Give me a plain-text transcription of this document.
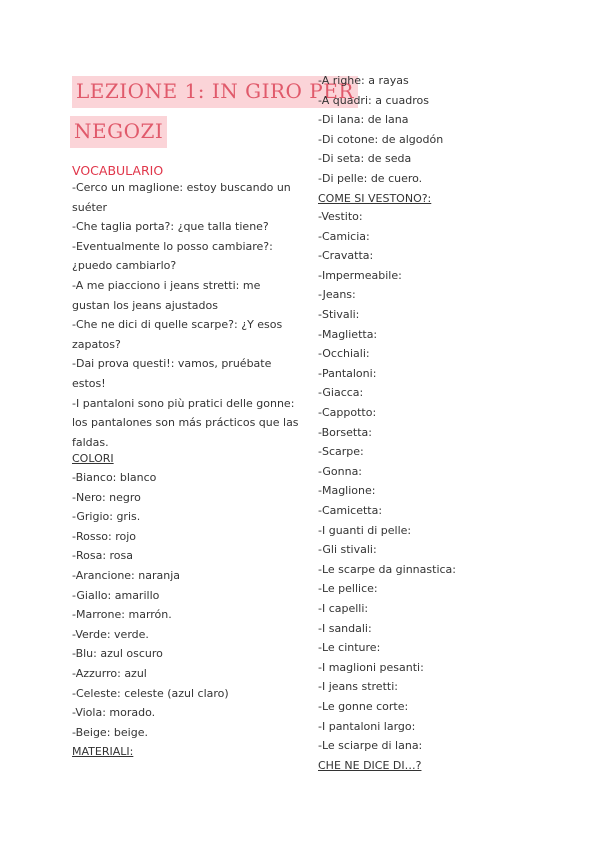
LEZIONE 1: IN GIRO PER
NEGOZI
VOCABULARIO
-Cerco un maglione: estoy buscando un
suéter
-Che taglia porta?: ¿que talla tiene?
-Eventualmente lo posso cambiare?:
¿puedo cambiarlo?
-A me piacciono i jeans stretti: me
gustan los jeans ajustados
-Che ne dici di quelle scarpe?: ¿Y esos
zapatos?
-Dai prova questi!: vamos, pruébate
estos!
-I pantaloni sono più pratici delle gonne:
los pantalones son más prácticos que las
faldas.
COLORI
-Bianco: blanco
-Nero: negro
-Grigio: gris.
-Rosso: rojo
-Rosa: rosa
-Arancione: naranja
-Giallo: amarillo
-Marrone: marrón.
-Verde: verde.
-Blu: azul oscuro
-Azzurro: azul
-Celeste: celeste (azul claro)
-Viola: morado.
-Beige: beige.
MATERIALI:
-A righe: a rayas
-A quadri: a cuadros
-Di lana: de lana
-Di cotone: de algodón
-Di seta: de seda
-Di pelle: de cuero.
COME SI VESTONO?:
-Vestito:
-Camicia:
-Cravatta:
-Impermeabile:
-Jeans:
-Stivali:
-Maglietta:
-Occhiali:
-Pantaloni:
-Giacca:
-Cappotto:
-Borsetta:
-Scarpe:
-Gonna:
-Maglione:
-Camicetta:
-I guanti di pelle:
-Gli stivali:
-Le scarpe da ginnastica:
-Le pellice:
-I capelli:
-I sandali:
-Le cinture:
-I maglioni pesanti:
-I jeans stretti:
-Le gonne corte:
-I pantaloni largo:
-Le sciarpe di lana:
CHE NE DICE DI…?
